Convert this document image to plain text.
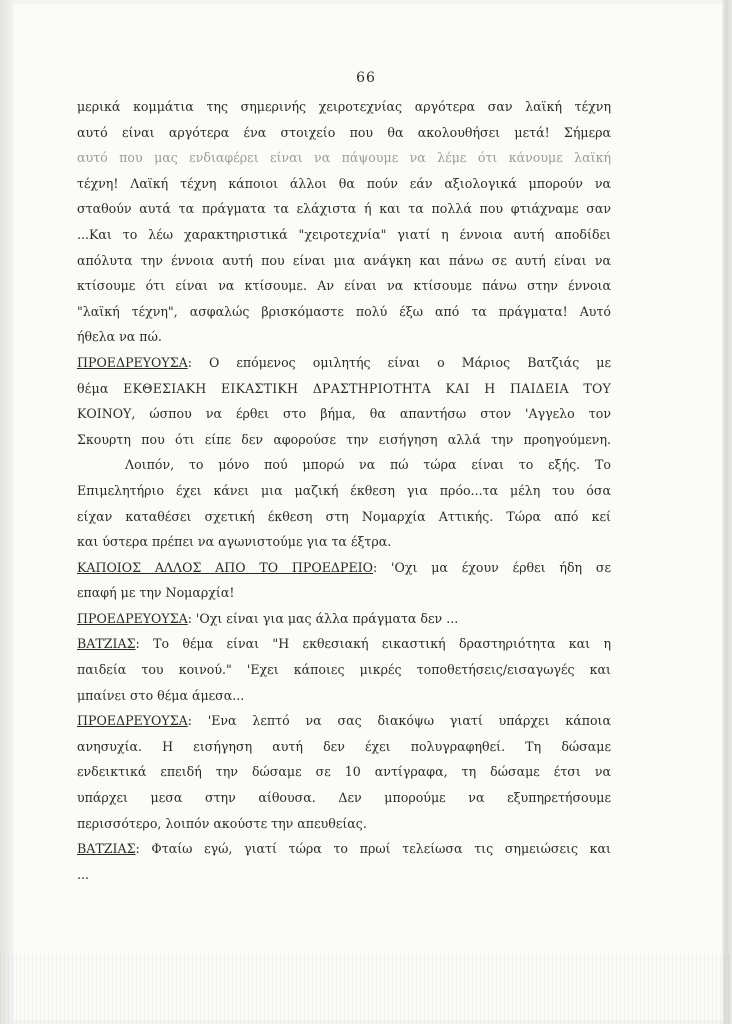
66
μερικά κομμάτια της σημερινής χειροτεχνίας αργότερα σαν λαϊκή τέχνη
αυτό είναι αργότερα ένα στοιχείο που θα ακολουθήσει μετά! Σήμερα
αυτό που μας ενδιαφέρει είναι να πάψουμε να λέμε ότι κάνουμε λαϊκή
τέχνη! Λαϊκή τέχνη κάποιοι άλλοι θα πούν εάν αξιολογικά μπορούν να
σταθούν αυτά τα πράγματα τα ελάχιστα ή και τα πολλά που φτιάχναμε σαν
...Και το λέω χαρακτηριστικά "χειροτεχνία" γιατί η έννοια αυτή αποδίδει
απόλυτα την έννοια αυτή που είναι μια ανάγκη και πάνω σε αυτή είναι να
κτίσουμε ότι είναι να κτίσουμε. Αν είναι να κτίσουμε πάνω στην έννοια
"λαϊκή τέχνη", ασφαλώς βρισκόμαστε πολύ έξω από τα πράγματα! Αυτό
ήθελα να πώ.
ΠΡΟΕΔΡΕΥΟΥΣΑ: Ο επόμενος ομιλητής είναι ο Μάριος Βατζιάς με
θέμα ΕΚΘΕΣΙΑΚΗ ΕΙΚΑΣΤΙΚΗ ΔΡΑΣΤΗΡΙΟΤΗΤΑ ΚΑΙ Η ΠΑΙΔΕΙΑ ΤΟΥ
ΚΟΙΝΟΥ, ώσπου να έρθει στο βήμα, θα απαντήσω στον 'Αγγελο τον
Σκουρτη που ότι είπε δεν αφορούσε την εισήγηση αλλά την προηγούμενη.
Λοιπόν, το μόνο πού μπορώ να πώ τώρα είναι το εξής. Το
Επιμελητήριο έχει κάνει μια μαζική έκθεση για πρόο...τα μέλη του όσα
είχαν καταθέσει σχετική έκθεση στη Νομαρχία Αττικής. Τώρα από κεί
και ύστερα πρέπει να αγωνιστούμε για τα έξτρα.
ΚΑΠΟΙΟΣ ΑΛΛΟΣ ΑΠΟ ΤΟ ΠΡΟΕΔΡΕΙΟ: 'Οχι μα έχουν έρθει ήδη σε
επαφή με την Νομαρχία!
ΠΡΟΕΔΡΕΥΟΥΣΑ: 'Οχι είναι για μας άλλα πράγματα δεν ...
ΒΑΤΖΙΑΣ: Το θέμα είναι "Η εκθεσιακή εικαστική δραστηριότητα και η
παιδεία του κοινού." 'Εχει κάποιες μικρές τοποθετήσεις/εισαγωγές και
μπαίνει στο θέμα άμεσα...
ΠΡΟΕΔΡΕΥΟΥΣΑ: 'Ενα λεπτό να σας διακόψω γιατί υπάρχει κάποια
ανησυχία. Η εισήγηση αυτή δεν έχει πολυγραφηθεί. Τη δώσαμε
ενδεικτικά επειδή την δώσαμε σε 10 αντίγραφα, τη δώσαμε έτσι να
υπάρχει μεσα στην αίθουσα. Δεν μπορούμε να εξυπηρετήσουμε
περισσότερο, λοιπόν ακούστε την απευθείας.
ΒΑΤΖΙΑΣ: Φταίω εγώ, γιατί τώρα το πρωί τελείωσα τις σημειώσεις και
...
